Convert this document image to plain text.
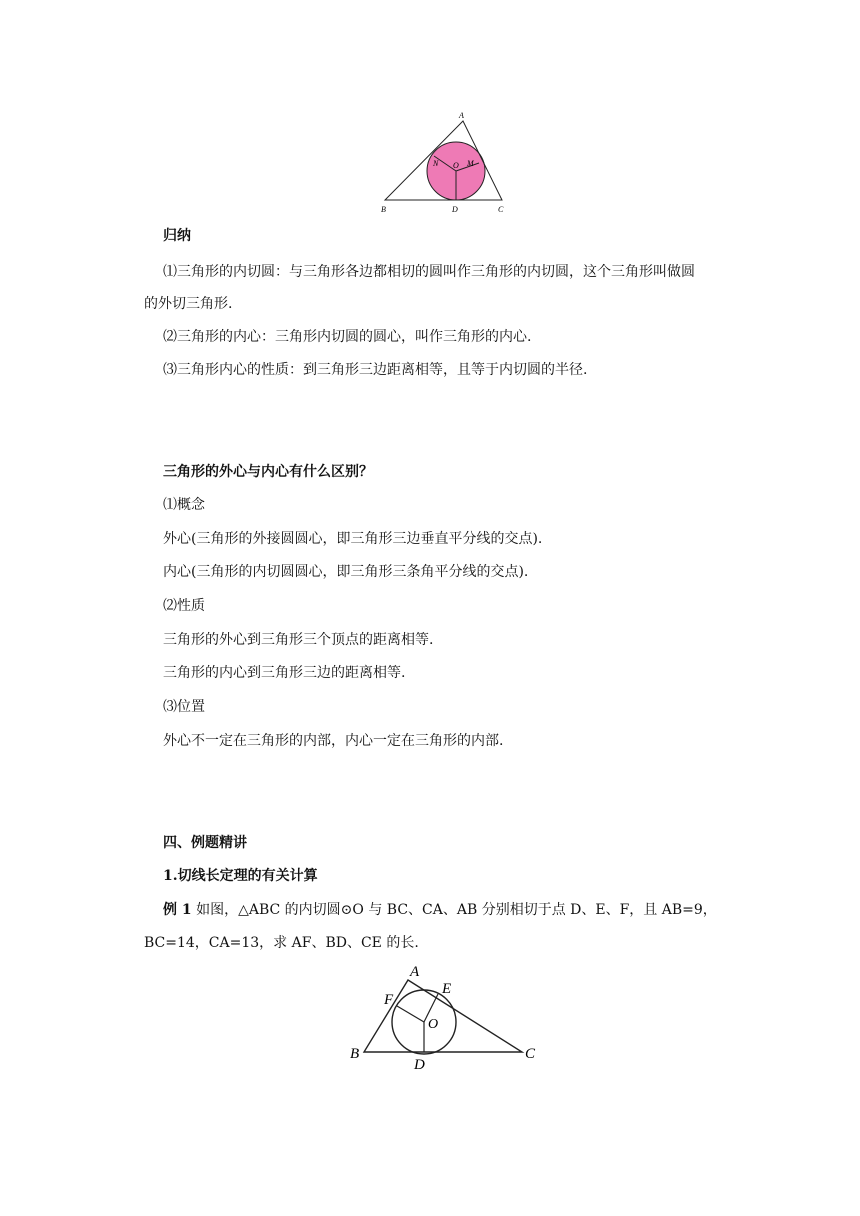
A
B	C
D
N O M
归纳
⑴三角形的内切圆：与三角形各边都相切的圆叫作三角形的内切圆，这个三角形叫做圆
的外切三角形.
⑵三角形的内心：三角形内切圆的圆心，叫作三角形的内心.
⑶三角形内心的性质：到三角形三边距离相等，且等于内切圆的半径.
三角形的外心与内心有什么区别？
⑴概念
外心(三角形的外接圆圆心，即三角形三边垂直平分线的交点).
内心(三角形的内切圆圆心，即三角形三条角平分线的交点).
⑵性质
三角形的外心到三角形三个顶点的距离相等.
三角形的内心到三角形三边的距离相等.
⑶位置
外心不一定在三角形的内部，内心一定在三角形的内部.
四、例题精讲
1.切线长定理的有关计算
例 1 如图，△ABC 的内切圆⊙O 与 BC、CA、AB 分别相切于点 D、E、F，且 AB=9，
BC=14，CA=13，求 AF、BD、CE 的长.
A
B	C
D
E
F
O
